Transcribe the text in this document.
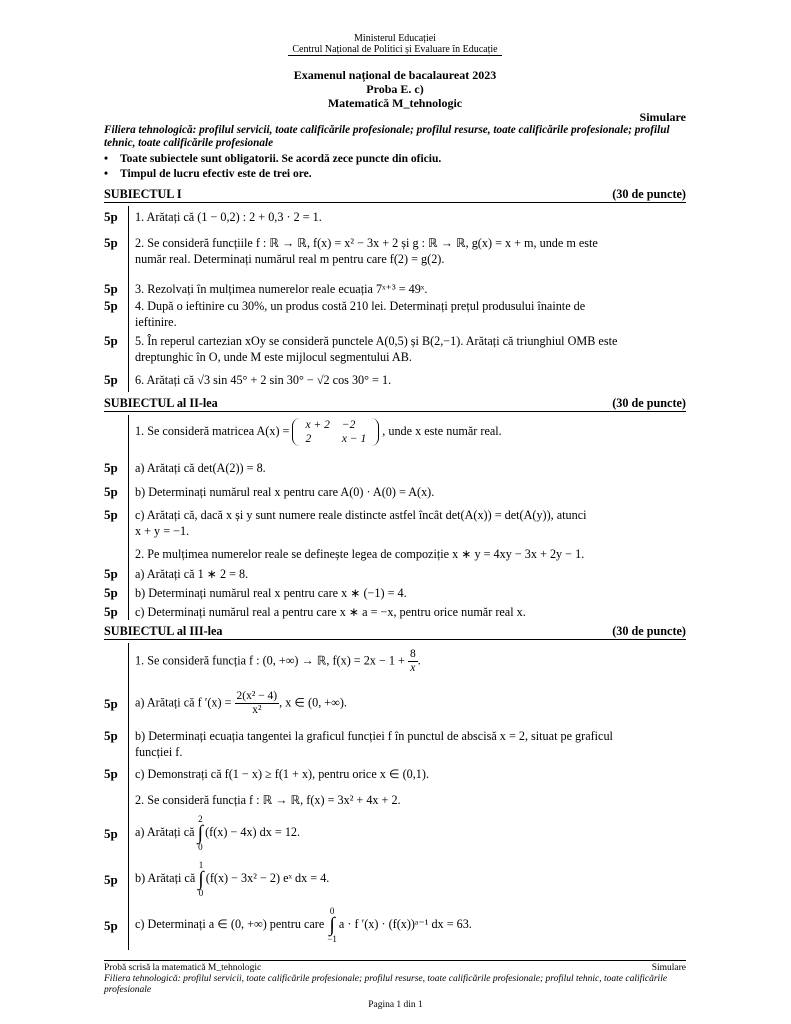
Ministerul Educației
Centrul Național de Politici și Evaluare în Educație
Examenul național de bacalaureat 2023
Proba E. c)
Matematică M_tehnologic
Simulare
Filiera tehnologică: profilul servicii, toate calificările profesionale; profilul resurse, toate calificările profesionale; profilul tehnic, toate calificările profesionale
• Toate subiectele sunt obligatorii. Se acordă zece puncte din oficiu.
• Timpul de lucru efectiv este de trei ore.
SUBIECTUL I	(30 de puncte)
5p	1. Arătați că (1 − 0,2) : 2 + 0,3 · 2 = 1.
5p	2. Se consideră funcțiile f : ℝ → ℝ, f(x) = x² − 3x + 2 și g : ℝ → ℝ, g(x) = x + m, unde m este
număr real. Determinați numărul real m pentru care f(2) = g(2).
5p	3. Rezolvați în mulțimea numerelor reale ecuația 7ˣ⁺³ = 49ˣ.
5p	4. După o ieftinire cu 30%, un produs costă 210 lei. Determinați prețul produsului înainte de
ieftinire.
5p	5. În reperul cartezian xOy se consideră punctele A(0,5) și B(2,−1). Arătați că triunghiul OMB este
dreptunghic în O, unde M este mijlocul segmentului AB.
5p	6. Arătați că √3 sin 45° + 2 sin 30° − √2 cos 30° = 1.
SUBIECTUL al II-lea	(30 de puncte)
1. Se consideră matricea A(x) = x + 2	−2
2	x − 1
, unde x este număr real.
5p	a) Arătați că det(A(2)) = 8.
5p	b) Determinați numărul real x pentru care A(0) · A(0) = A(x).
5p	c) Arătați că, dacă x și y sunt numere reale distincte astfel încât det(A(x)) = det(A(y)), atunci
x + y = −1.
2. Pe mulțimea numerelor reale se definește legea de compoziție x ∗ y = 4xy − 3x + 2y − 1.
5p	a) Arătați că 1 ∗ 2 = 8.
5p	b) Determinați numărul real x pentru care x ∗ (−1) = 4.
5p	c) Determinați numărul real a pentru care x ∗ a = −x, pentru orice număr real x.
SUBIECTUL al III-lea	(30 de puncte)
1. Se consideră funcția f : (0, +∞) → ℝ, $f(x) = 2x - 1 + \frac{8}{x}$.
5p	a) Arătați că f $'(x) = \frac{\text{2(x² − 4)}}{\text{x²}}$, x ∈ (0, +∞).
5p	b) Determinați ecuația tangentei la graficul funcției f în punctul de abscisă x = 2, situat pe graficul
funcției f.
5p	c) Demonstrați că f(1 − x) ≥ f(1 + x), pentru orice x ∈ (0,1).
2. Se consideră funcția f : ℝ → ℝ, f(x) = 3x² + 4x + 2.
5p	a) Arătați că 2
∫
0(f(x) − 4x) dx = 12.
5p	b) Arătați că 1
∫
0(f(x) − 3x² − 2) eˣ dx = 4.
5p	c) Determinați a ∈ (0, +∞) pentru care 0
∫
−1a · f ′(x) · (f(x))ᵃ⁻¹ dx = 63.
Probă scrisă la matematică M_tehnologic	Simulare
Filiera tehnologică: profilul servicii, toate calificările profesionale; profilul resurse, toate calificările profesionale; profilul tehnic, toate calificările profesionale
Pagina 1 din 1
